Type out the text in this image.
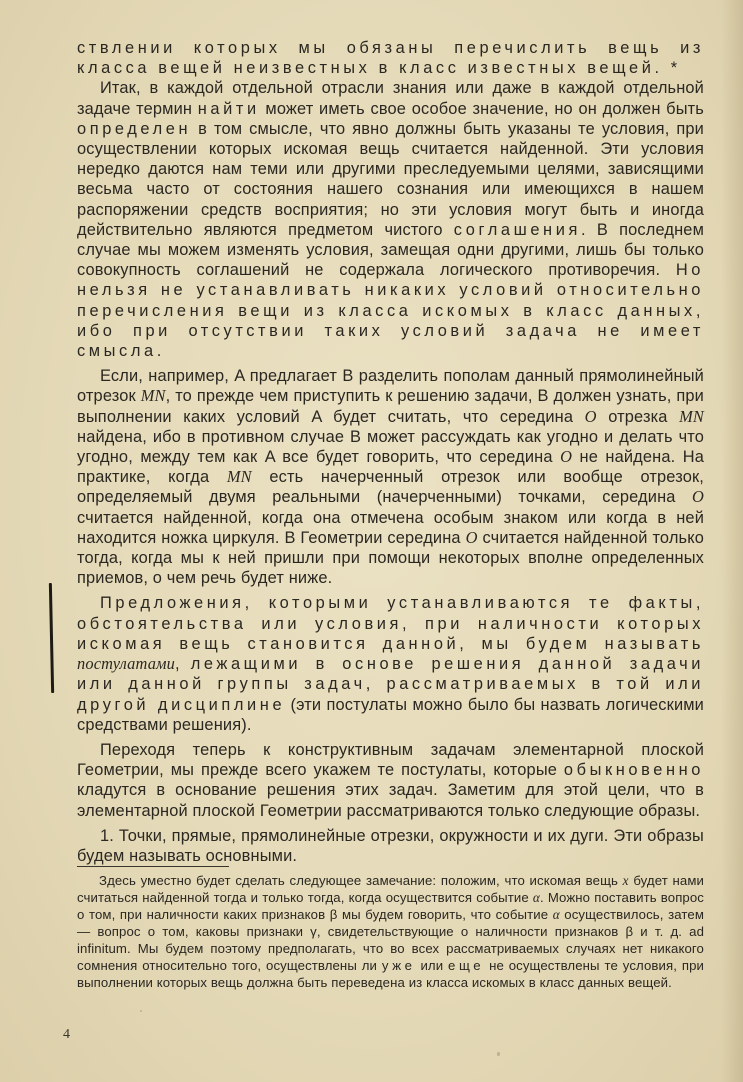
ствлении которых мы обязаны перечислить вещь из класса вещей неизвестных в класс известных вещей. *

Итак, в каждой отдельной отрасли знания или даже в каждой отдельной задаче термин найти может иметь свое особое значение, но он должен быть определен в том смысле, что явно должны быть указаны те условия, при осуществлении которых искомая вещь считается найденной. Эти условия нередко даются нам теми или другими преследуемыми целями, зависящими весьма часто от состояния нашего сознания или имеющихся в нашем распоряжении средств восприятия; но эти условия могут быть и иногда действительно являются предметом чистого соглашения. В последнем случае мы можем изменять условия, замещая одни другими, лишь бы только совокупность соглашений не содержала логического противоречия. Но нельзя не устанавливать никаких условий относительно перечисления вещи из класса искомых в класс данных, ибо при отсутствии таких условий задача не имеет смысла.

Если, например, A предлагает B разделить пополам данный прямолинейный отрезок MN, то прежде чем приступить к решению задачи, B должен узнать, при выполнении каких условий A будет считать, что середина O отрезка MN найдена, ибо в противном случае B может рассуждать как угодно и делать что угодно, между тем как A все будет говорить, что середина O не найдена. На практике, когда MN есть начерченный отрезок или вообще отрезок, определяемый двумя реальными (начерченными) точками, середина O считается найденной, когда она отмечена особым знаком или когда в ней находится ножка циркуля. В Геометрии середина O считается найденной только тогда, когда мы к ней пришли при помощи некоторых вполне определенных приемов, о чем речь будет ниже.

Предложения, которыми устанавливаются те факты, обстоятельства или условия, при наличности которых искомая вещь становится данной, мы будем называть постулатами, лежащими в основе решения данной задачи или данной группы задач, рассматриваемых в той или другой дисциплине (эти постулаты можно было бы назвать логическими средствами решения).

Переходя теперь к конструктивным задачам элементарной плоской Геометрии, мы прежде всего укажем те постулаты, которые обыкновенно кладутся в основание решения этих задач. Заметим для этой цели, что в элементарной плоской Геометрии рассматриваются только следующие образы.

1. Точки, прямые, прямолинейные отрезки, окружности и их дуги. Эти образы будем называть основными.

Здесь уместно будет сделать следующее замечание: положим, что искомая вещь x будет нами считаться найденной тогда и только тогда, когда осуществится событие α. Можно поставить вопрос о том, при наличности каких признаков β мы будем говорить, что событие α осуществилось, затем — вопрос о том, каковы признаки γ, свидетельствующие о наличности признаков β и т. д. ad infinitum. Мы будем поэтому предполагать, что во всех рассматриваемых случаях нет никакого сомнения относительно того, осуществлены ли уже или еще не осуществлены те условия, при выполнении которых вещь должна быть переведена из класса искомых в класс данных вещей.

4
